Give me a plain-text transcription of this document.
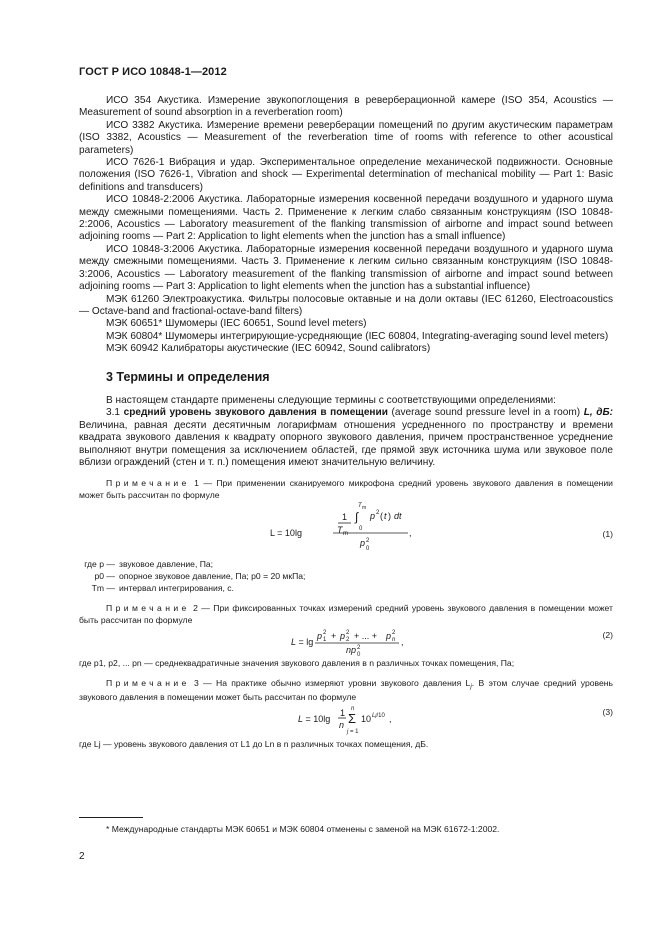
ГОСТ Р ИСО 10848-1—2012

ИСО 354 Акустика. Измерение звукопоглощения в реверберационной камере (ISO 354, Acoustics — Measurement of sound absorption in a reverberation room)

ИСО 3382 Акустика. Измерение времени реверберации помещений по другим акустическим параметрам (ISO 3382, Acoustics — Measurement of the reverberation time of rooms with reference to other acoustical parameters)

ИСО 7626-1 Вибрация и удар. Экспериментальное определение механической подвижности. Основные положения (ISO 7626-1, Vibration and shock — Experimental determination of mechanical mobility — Part 1: Basic definitions and transducers)

ИСО 10848-2:2006 Акустика. Лабораторные измерения косвенной передачи воздушного и ударного шума между смежными помещениями. Часть 2. Применение к легким слабо связанным конструкциям (ISO 10848-2:2006, Acoustics — Laboratory measurement of the flanking transmission of airborne and impact sound between adjoining rooms — Part 2: Application to light elements when the junction has a small influence)

ИСО 10848-3:2006 Акустика. Лабораторные измерения косвенной передачи воздушного и ударного шума между смежными помещениями. Часть 3. Применение к легким сильно связанным конструкциям (ISO 10848-3:2006, Acoustics — Laboratory measurement of the flanking transmission of airborne and impact sound between adjoining rooms — Part 3: Application to light elements when the junction has a substantial influence)

МЭК 61260 Электроакустика. Фильтры полосовые октавные и на доли октавы (IEC 61260, Electroacoustics — Octave-band and fractional-octave-band filters)

МЭК 60651* Шумомеры (IEC 60651, Sound level meters)

МЭК 60804* Шумомеры интегрирующие-усредняющие (IEC 60804, Integrating-averaging sound level meters)

МЭК 60942 Калибраторы акустические (IEC 60942, Sound calibrators)

3 Термины и определения

В настоящем стандарте применены следующие термины с соответствующими определениями:

3.1 средний уровень звукового давления в помещении (average sound pressure level in a room) L, дБ: Величина, равная десяти десятичным логарифмам отношения усредненного по пространству и времени квадрата звукового давления к квадрату опорного звукового давления, причем пространственное усреднение выполняют внутри помещения за исключением областей, где прямой звук источника шума или звуковое поле вблизи ограждений (стен и т. п.) помещения имеют значительную величину.

Примечание 1 — При применении сканируемого микрофона средний уровень звукового давления в помещении может быть рассчитан по формуле

L = 10lg
1
T m
T m
∫
0
p 2 ( t ) dt
p 2
0
,	(1)
где p — звуковое давление, Па;
p0 — опорное звуковое давление, Па; p0 = 20 мкПа;
Tm — интервал интегрирования, с.

Примечание 2 — При фиксированных точках измерений средний уровень звукового давления в помещении может быть рассчитан по формуле

L = lg
p 1
2 + p 2
2 + ... + p n
2
np 2
0
,
(2)
где p1, p2, ... pn — среднеквадратичные значения звукового давления в n различных точках помещения, Па;

Примечание 3 — На практике обычно измеряют уровни звукового давления $L_j$. В этом случае средний уровень звукового давления в помещении может быть рассчитан по формуле

L = 10lg
1
n
n
Σ
j = 1
10 Lj/10 ,
(3)
где Lj — уровень звукового давления от L1 до Ln в n различных точках помещения, дБ.
* Международные стандарты МЭК 60651 и МЭК 60804 отменены с заменой на МЭК 61672-1:2002.
2
